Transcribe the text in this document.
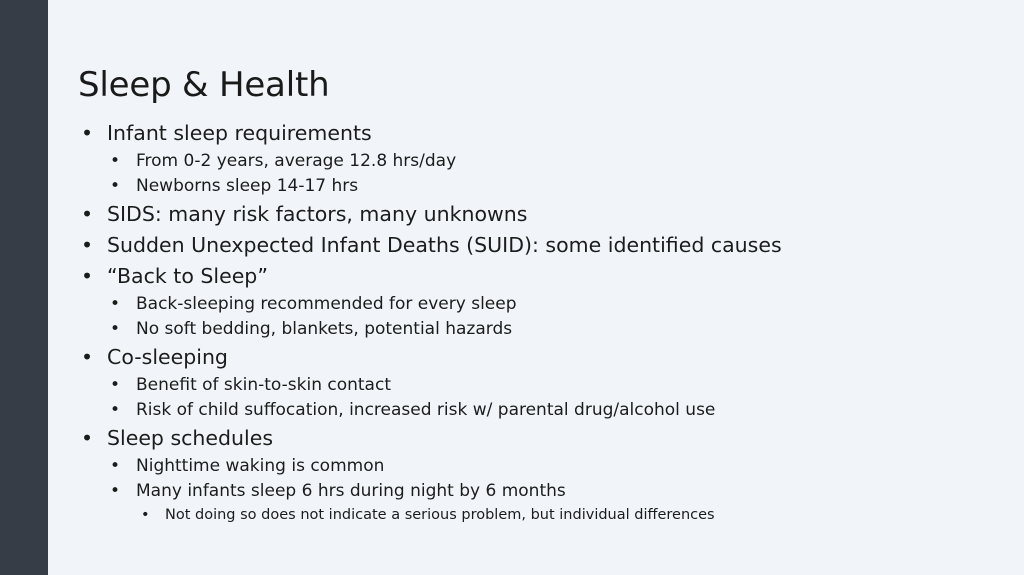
Sleep & Health
• Infant sleep requirements
• From 0-2 years, average 12.8 hrs/day
• Newborns sleep 14-17 hrs
• SIDS: many risk factors, many unknowns
• Sudden Unexpected Infant Deaths (SUID): some identified causes
• “Back to Sleep”
• Back-sleeping recommended for every sleep
• No soft bedding, blankets, potential hazards
• Co-sleeping
• Benefit of skin-to-skin contact
• Risk of child suffocation, increased risk w/ parental drug/alcohol use
• Sleep schedules
• Nighttime waking is common
• Many infants sleep 6 hrs during night by 6 months
• Not doing so does not indicate a serious problem, but individual differences
